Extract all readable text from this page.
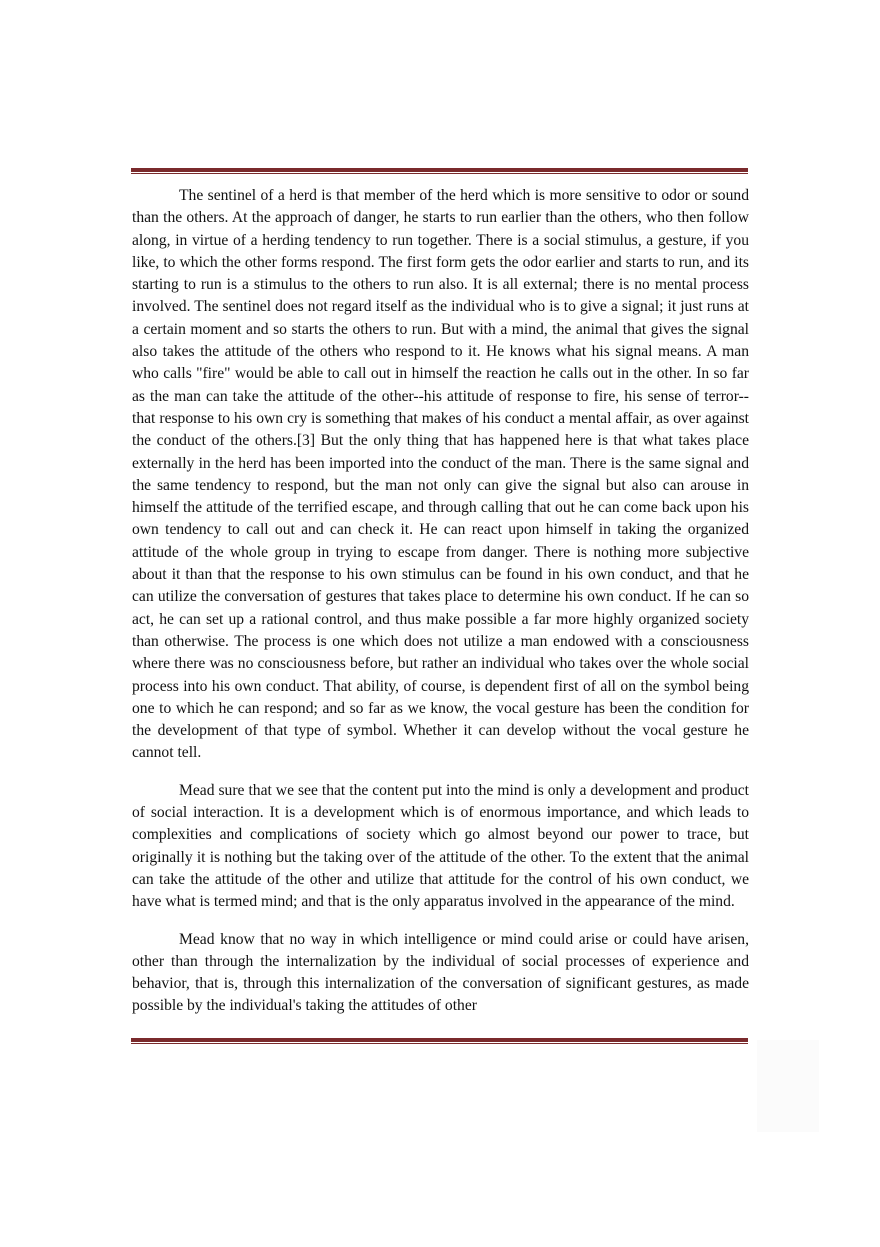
The sentinel of a herd is that member of the herd which is more sensitive to odor or sound than the others. At the approach of danger, he starts to run earlier than the others, who then follow along, in virtue of a herding tendency to run together. There is a social stimulus, a gesture, if you like, to which the other forms respond. The first form gets the odor earlier and starts to run, and its starting to run is a stimulus to the others to run also. It is all external; there is no mental process involved. The sentinel does not regard itself as the individual who is to give a signal; it just runs at a certain moment and so starts the others to run. But with a mind, the animal that gives the signal also takes the attitude of the others who respond to it. He knows what his signal means. A man who calls "fire" would be able to call out in himself the reaction he calls out in the other. In so far as the man can take the attitude of the other--his attitude of response to fire, his sense of terror-- that response to his own cry is something that makes of his conduct a mental affair, as over against the conduct of the others.[3] But the only thing that has happened here is that what takes place externally in the herd has been imported into the conduct of the man. There is the same signal and the same tendency to respond, but the man not only can give the signal but also can arouse in himself the attitude of the terrified escape, and through calling that out he can come back upon his own tendency to call out and can check it. He can react upon himself in taking the organized attitude of the whole group in trying to escape from danger. There is nothing more subjective about it than that the response to his own stimulus can be found in his own conduct, and that he can utilize the conversation of gestures that takes place to determine his own conduct. If he can so act, he can set up a rational control, and thus make possible a far more highly organized society than otherwise. The process is one which does not utilize a man endowed with a consciousness where there was no consciousness before, but rather an individual who takes over the whole social process into his own conduct. That ability, of course, is dependent first of all on the symbol being one to which he can respond; and so far as we know, the vocal gesture has been the condition for the development of that type of symbol. Whether it can develop without the vocal gesture he cannot tell.

Mead sure that we see that the content put into the mind is only a development and product of social interaction. It is a development which is of enormous importance, and which leads to complexities and complications of society which go almost beyond our power to trace, but originally it is nothing but the taking over of the attitude of the other. To the extent that the animal can take the attitude of the other and utilize that attitude for the control of his own conduct, we have what is termed mind; and that is the only apparatus involved in the appearance of the mind.

Mead know that no way in which intelligence or mind could arise or could have arisen, other than through the internalization by the individual of social processes of experience and behavior, that is, through this internalization of the conversation of significant gestures, as made possible by the individual's taking the attitudes of other
